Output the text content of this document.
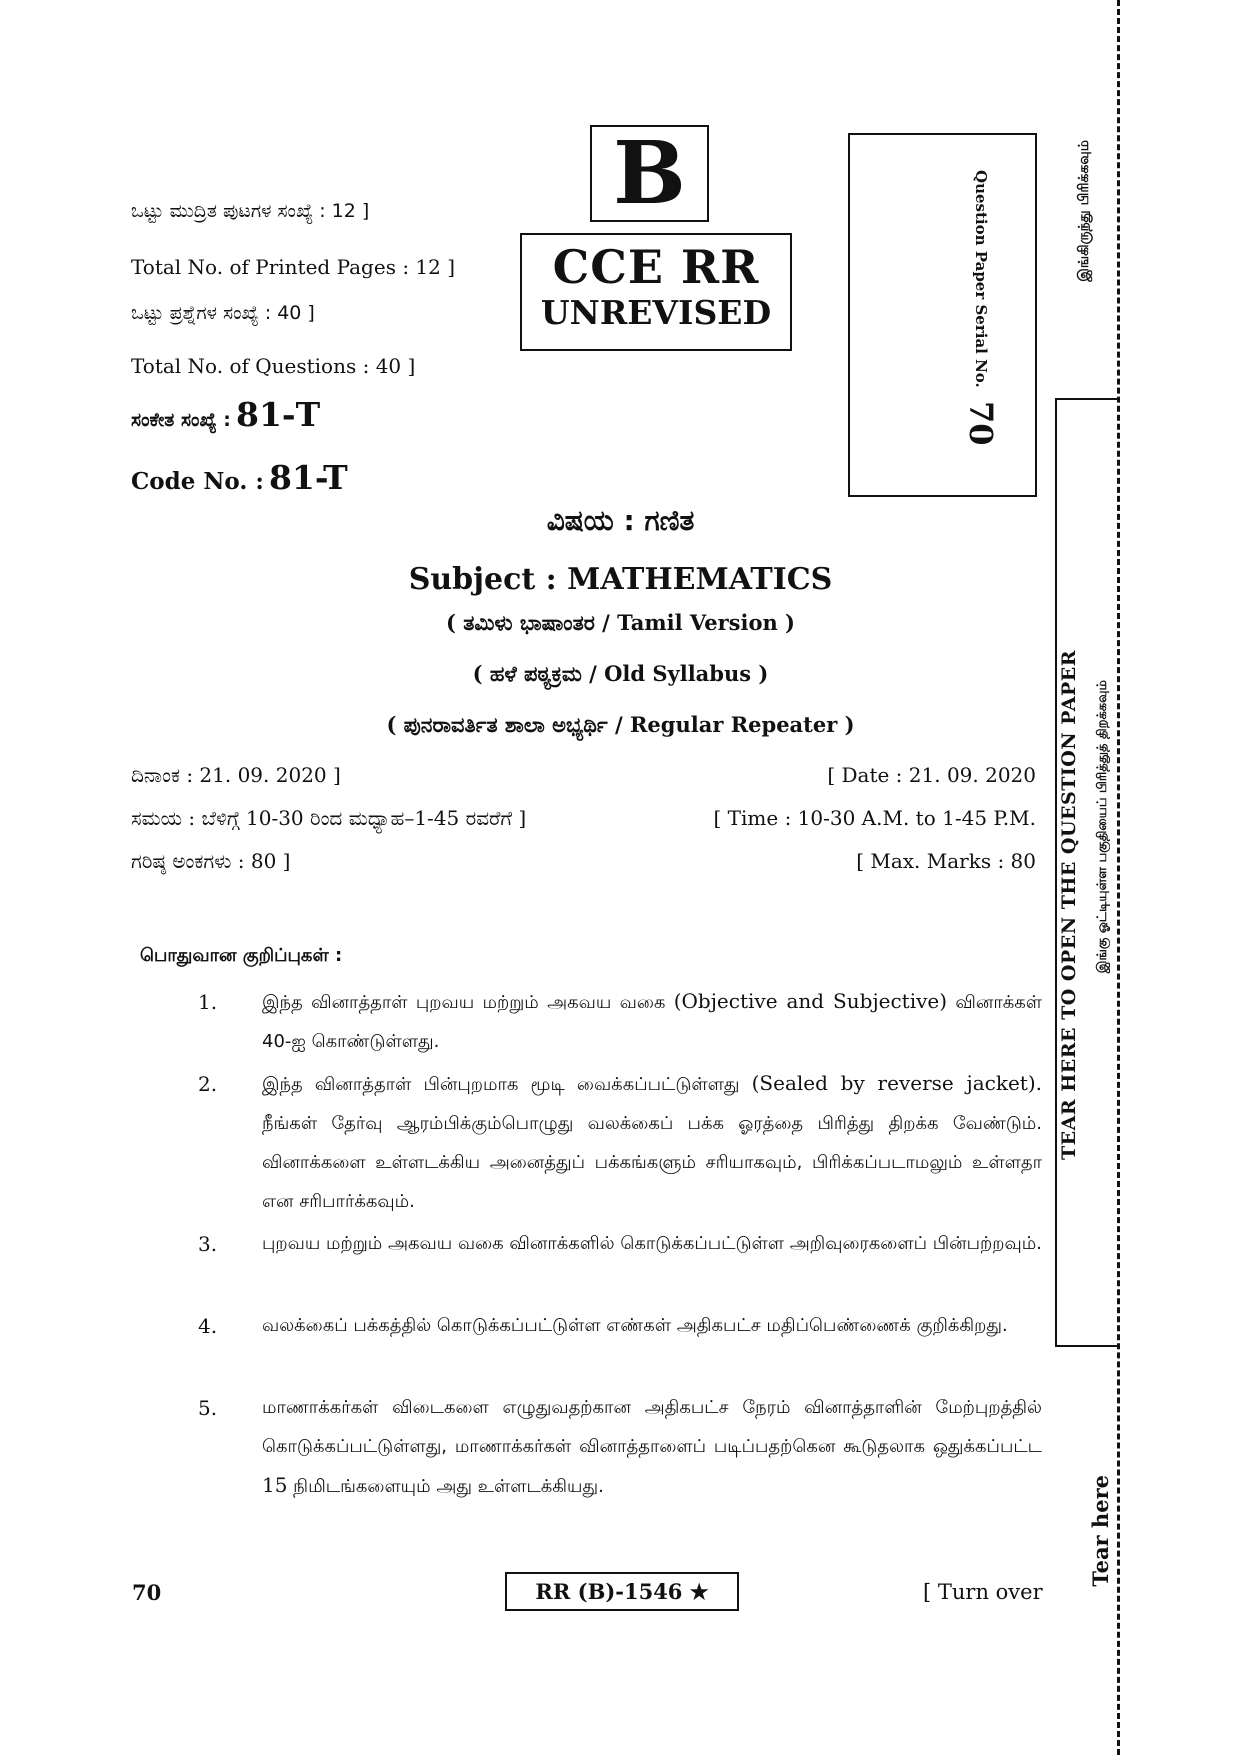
B
CCE RR
UNREVISED	Question Paper Serial No. 70
இங்கிருந்து பிரிக்கவும்
TEAR HERE TO OPEN THE QUESTION PAPER இங்கு ஓட்டியுள்ள பகுதியைப் பிரித்துத் திறக்கவும்
Tear here
ಒಟ್ಟು ಮುದ್ರಿತ ಪುಟಗಳ ಸಂಖ್ಯೆ : 12 ]
Total No. of Printed Pages : 12 ]
ಒಟ್ಟು ಪ್ರಶ್ನೆಗಳ ಸಂಖ್ಯೆ : 40 ]
Total No. of Questions : 40 ]
ಸಂಕೇತ ಸಂಖ್ಯೆ : 81-T
Code No. : 81-T
ವಿಷಯ : ಗಣಿತ
Subject : MATHEMATICS
( ತಮಿಳು ಭಾಷಾಂತರ / Tamil Version )
( ಹಳೆ ಪಠ್ಯಕ್ರಮ / Old Syllabus )
( ಪುನರಾವರ್ತಿತ ಶಾಲಾ ಅಭ್ಯರ್ಥಿ / Regular Repeater )
ದಿನಾಂಕ : 21. 09. 2020 ]	[ Date : 21. 09. 2020
ಸಮಯ : ಬೆಳಿಗ್ಗೆ 10-30 ರಿಂದ ಮಧ್ಯಾಹ–1-45 ರವರೆಗೆ ]	[ Time : 10-30 A.M. to 1-45 P.M.
ಗರಿಷ್ಠ ಅಂಕಗಳು : 80 ]	[ Max. Marks : 80
பொதுவான குறிப்புகள் :
1.	இந்த வினாத்தாள் புறவய மற்றும் அகவய வகை (Objective and Subjective) வினாக்கள் 40-ஐ கொண்டுள்ளது.
2.	இந்த வினாத்தாள் பின்புறமாக மூடி வைக்கப்பட்டுள்ளது (Sealed by reverse jacket). நீங்கள் தேர்வு ஆரம்பிக்கும்பொழுது வலக்கைப் பக்க ஓரத்தை பிரித்து திறக்க வேண்டும். வினாக்களை உள்ளடக்கிய அனைத்துப் பக்கங்களும் சரியாகவும், பிரிக்கப்படாமலும் உள்ளதா என சரிபார்க்கவும்.
3.	புறவய மற்றும் அகவய வகை வினாக்களில் கொடுக்கப்பட்டுள்ள அறிவுரைகளைப் பின்பற்றவும்.
4.	வலக்கைப் பக்கத்தில் கொடுக்கப்பட்டுள்ள எண்கள் அதிகபட்ச மதிப்பெண்ணைக் குறிக்கிறது.
5.	மாணாக்கர்கள் விடைகளை எழுதுவதற்கான அதிகபட்ச நேரம் வினாத்தாளின் மேற்புறத்தில் கொடுக்கப்பட்டுள்ளது, மாணாக்கர்கள் வினாத்தாளைப் படிப்பதற்கென கூடுதலாக ஒதுக்கப்பட்ட 15 நிமிடங்களையும் அது உள்ளடக்கியது.
70	RR (B)-1546 ★	[ Turn over
